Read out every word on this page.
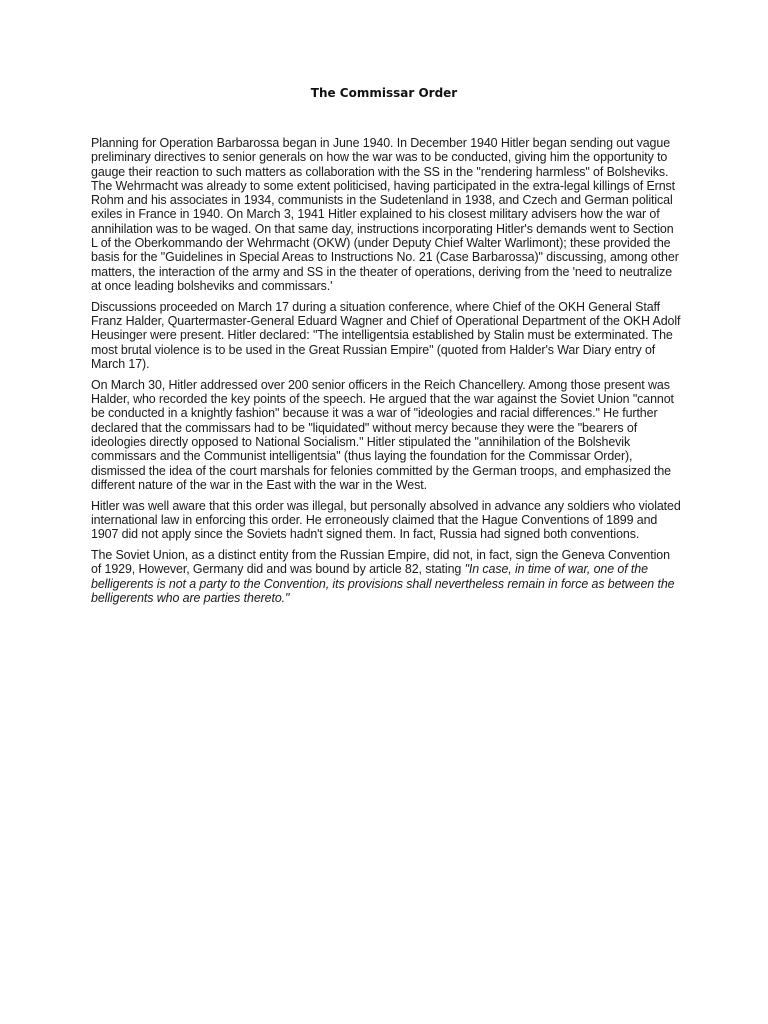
The Commissar Order

Planning for Operation Barbarossa began in June 1940. In December 1940 Hitler began sending out vague preliminary directives to senior generals on how the war was to be conducted, giving him the opportunity to gauge their reaction to such matters as collaboration with the SS in the "rendering harmless" of Bolsheviks. The Wehrmacht was already to some extent politicised, having participated in the extra-legal killings of Ernst Rohm and his associates in 1934, communists in the Sudetenland in 1938, and Czech and German political exiles in France in 1940. On March 3, 1941 Hitler explained to his closest military advisers how the war of annihilation was to be waged. On that same day, instructions incorporating Hitler's demands went to Section L of the Oberkommando der Wehrmacht (OKW) (under Deputy Chief Walter Warlimont); these provided the basis for the "Guidelines in Special Areas to Instructions No. 21 (Case Barbarossa)" discussing, among other matters, the interaction of the army and SS in the theater of operations, deriving from the 'need to neutralize at once leading bolsheviks and commissars.'

Discussions proceeded on March 17 during a situation conference, where Chief of the OKH General Staff Franz Halder, Quartermaster-General Eduard Wagner and Chief of Operational Department of the OKH Adolf Heusinger were present. Hitler declared: "The intelligentsia established by Stalin must be exterminated. The most brutal violence is to be used in the Great Russian Empire" (quoted from Halder's War Diary entry of March 17).

On March 30, Hitler addressed over 200 senior officers in the Reich Chancellery. Among those present was Halder, who recorded the key points of the speech. He argued that the war against the Soviet Union "cannot be conducted in a knightly fashion" because it was a war of "ideologies and racial differences." He further declared that the commissars had to be "liquidated" without mercy because they were the "bearers of ideologies directly opposed to National Socialism." Hitler stipulated the "annihilation of the Bolshevik commissars and the Communist intelligentsia" (thus laying the foundation for the Commissar Order), dismissed the idea of the court marshals for felonies committed by the German troops, and emphasized the different nature of the war in the East with the war in the West.

Hitler was well aware that this order was illegal, but personally absolved in advance any soldiers who violated international law in enforcing this order. He erroneously claimed that the Hague Conventions of 1899 and 1907 did not apply since the Soviets hadn't signed them. In fact, Russia had signed both conventions.

The Soviet Union, as a distinct entity from the Russian Empire, did not, in fact, sign the Geneva Convention of 1929, However, Germany did and was bound by article 82, stating "In case, in time of war, one of the belligerents is not a party to the Convention, its provisions shall nevertheless remain in force as between the belligerents who are parties thereto."
